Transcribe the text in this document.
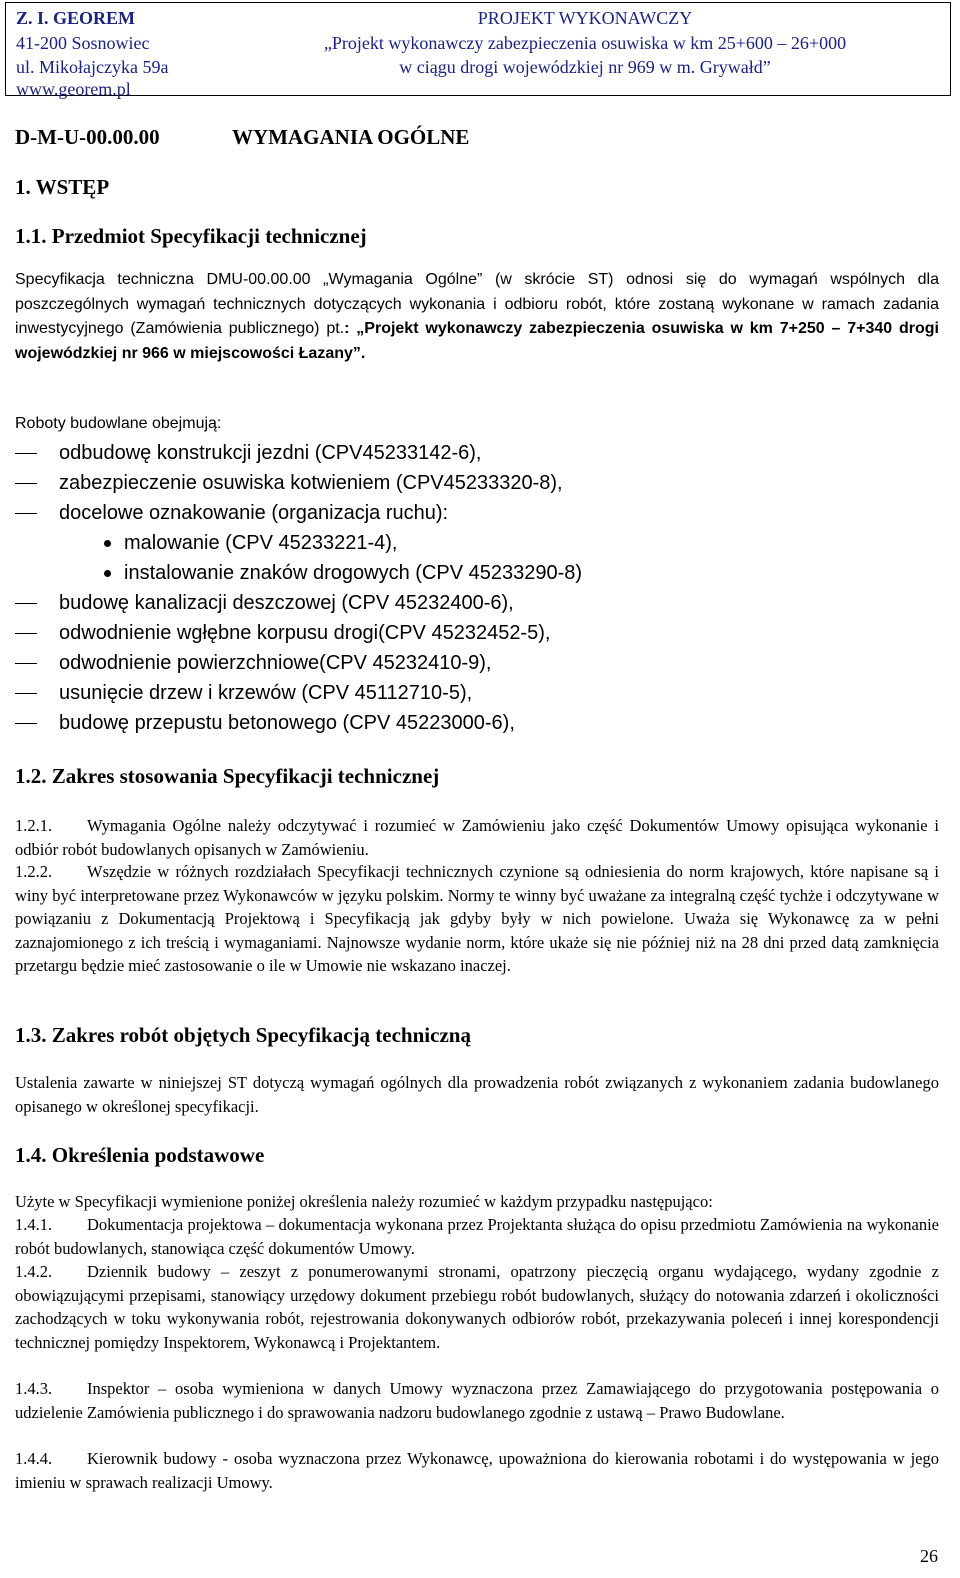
Z. I. GEOREM
41-200 Sosnowiec
ul. Mikołajczyka 59a
www.georem.pl
PROJEKT WYKONAWCZY
„Projekt wykonawczy zabezpieczenia osuwiska w km 25+600 – 26+000
w ciągu drogi wojewódzkiej nr 969 w m. Grywałd”
D-M-U-00.00.00	WYMAGANIA OGÓLNE
1. WSTĘP
1.1. Przedmiot Specyfikacji technicznej
Specyfikacja techniczna DMU-00.00.00 „Wymagania Ogólne” (w skrócie ST) odnosi się do wymagań wspólnych dla poszczególnych wymagań technicznych dotyczących wykonania i odbioru robót, które zostaną wykonane w ramach zadania inwestycyjnego (Zamówienia publicznego) pt.: „Projekt wykonawczy zabezpieczenia osuwiska w km 7+250 – 7+340 drogi wojewódzkiej nr 966 w miejscowości Łazany”.
Roboty budowlane obejmują:
odbudowę konstrukcji jezdni (CPV45233142-6),
zabezpieczenie osuwiska kotwieniem (CPV45233320-8),
docelowe oznakowanie (organizacja ruchu):
malowanie (CPV 45233221-4),
instalowanie znaków drogowych (CPV 45233290-8)
budowę kanalizacji deszczowej (CPV 45232400-6),
odwodnienie wgłębne korpusu drogi(CPV 45232452-5),
odwodnienie powierzchniowe(CPV 45232410-9),
usunięcie drzew i krzewów (CPV 45112710-5),
budowę przepustu betonowego (CPV 45223000-6),
1.2. Zakres stosowania Specyfikacji technicznej
1.2.1. Wymagania Ogólne należy odczytywać i rozumieć w Zamówieniu jako część Dokumentów Umowy opisująca wykonanie i odbiór robót budowlanych opisanych w Zamówieniu.
1.2.2. Wszędzie w różnych rozdziałach Specyfikacji technicznych czynione są odniesienia do norm krajowych, które napisane są i winy być interpretowane przez Wykonawców w języku polskim. Normy te winny być uważane za integralną część tychże i odczytywane w powiązaniu z Dokumentacją Projektową i Specyfikacją jak gdyby były w nich powielone. Uważa się Wykonawcę za w pełni zaznajomionego z ich treścią i wymaganiami. Najnowsze wydanie norm, które ukaże się nie później niż na 28 dni przed datą zamknięcia przetargu będzie mieć zastosowanie o ile w Umowie nie wskazano inaczej.
1.3. Zakres robót objętych Specyfikacją techniczną
Ustalenia zawarte w niniejszej ST dotyczą wymagań ogólnych dla prowadzenia robót związanych z wykonaniem zadania budowlanego opisanego w określonej specyfikacji.
1.4. Określenia podstawowe
Użyte w Specyfikacji wymienione poniżej określenia należy rozumieć w każdym przypadku następująco:
1.4.1. Dokumentacja projektowa – dokumentacja wykonana przez Projektanta służąca do opisu przedmiotu Zamówienia na wykonanie robót budowlanych, stanowiąca część dokumentów Umowy.
1.4.2. Dziennik budowy – zeszyt z ponumerowanymi stronami, opatrzony pieczęcią organu wydającego, wydany zgodnie z obowiązującymi przepisami, stanowiący urzędowy dokument przebiegu robót budowlanych, służący do notowania zdarzeń i okoliczności zachodzących w toku wykonywania robót, rejestrowania dokonywanych odbiorów robót, przekazywania poleceń i innej korespondencji technicznej pomiędzy Inspektorem, Wykonawcą i Projektantem.
1.4.3. Inspektor – osoba wymieniona w danych Umowy wyznaczona przez Zamawiającego do przygotowania postępowania o udzielenie Zamówienia publicznego i do sprawowania nadzoru budowlanego zgodnie z ustawą – Prawo Budowlane.
1.4.4. Kierownik budowy - osoba wyznaczona przez Wykonawcę, upoważniona do kierowania robotami i do występowania w jego imieniu w sprawach realizacji Umowy.
26
